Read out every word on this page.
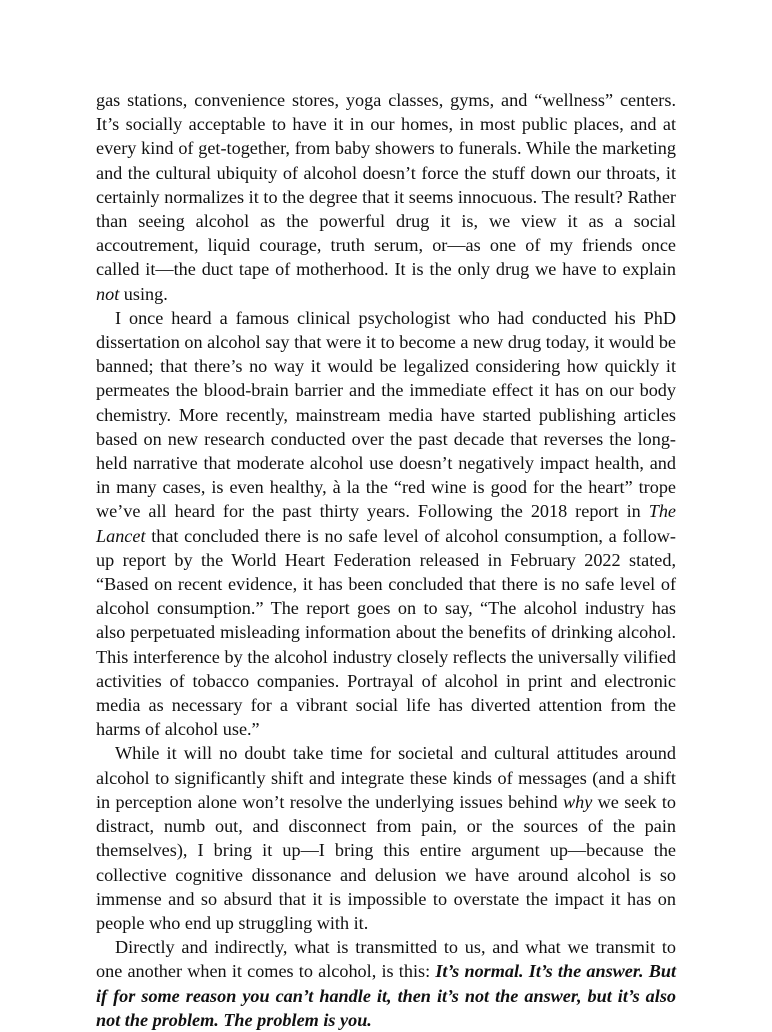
gas stations, convenience stores, yoga classes, gyms, and “wellness” centers. It’s socially acceptable to have it in our homes, in most public places, and at every kind of get-together, from baby showers to funerals. While the marketing and the cultural ubiquity of alcohol doesn’t force the stuff down our throats, it certainly normalizes it to the degree that it seems innocuous. The result? Rather than seeing alcohol as the powerful drug it is, we view it as a social accoutrement, liquid courage, truth serum, or—as one of my friends once called it—the duct tape of motherhood. It is the only drug we have to explain not using.

I once heard a famous clinical psychologist who had conducted his PhD dissertation on alcohol say that were it to become a new drug today, it would be banned; that there’s no way it would be legalized considering how quickly it permeates the blood-brain barrier and the immediate effect it has on our body chemistry. More recently, mainstream media have started publishing articles based on new research conducted over the past decade that reverses the long-held narrative that moderate alcohol use doesn’t negatively impact health, and in many cases, is even healthy, à la the “red wine is good for the heart” trope we’ve all heard for the past thirty years. Following the 2018 report in The Lancet that concluded there is no safe level of alcohol consumption, a follow-up report by the World Heart Federation released in February 2022 stated, “Based on recent evidence, it has been concluded that there is no safe level of alcohol consumption.” The report goes on to say, “The alcohol industry has also perpetuated misleading information about the benefits of drinking alcohol. This interference by the alcohol industry closely reflects the universally vilified activities of tobacco companies. Portrayal of alcohol in print and electronic media as necessary for a vibrant social life has diverted attention from the harms of alcohol use.”

While it will no doubt take time for societal and cultural attitudes around alcohol to significantly shift and integrate these kinds of messages (and a shift in perception alone won’t resolve the underlying issues behind why we seek to distract, numb out, and disconnect from pain, or the sources of the pain themselves), I bring it up—I bring this entire argument up—because the collective cognitive dissonance and delusion we have around alcohol is so immense and so absurd that it is impossible to overstate the impact it has on people who end up struggling with it.

Directly and indirectly, what is transmitted to us, and what we transmit to one another when it comes to alcohol, is this: It’s normal. It’s the answer. But if for some reason you can’t handle it, then it’s not the answer, but it’s also not the problem. The problem is you.
